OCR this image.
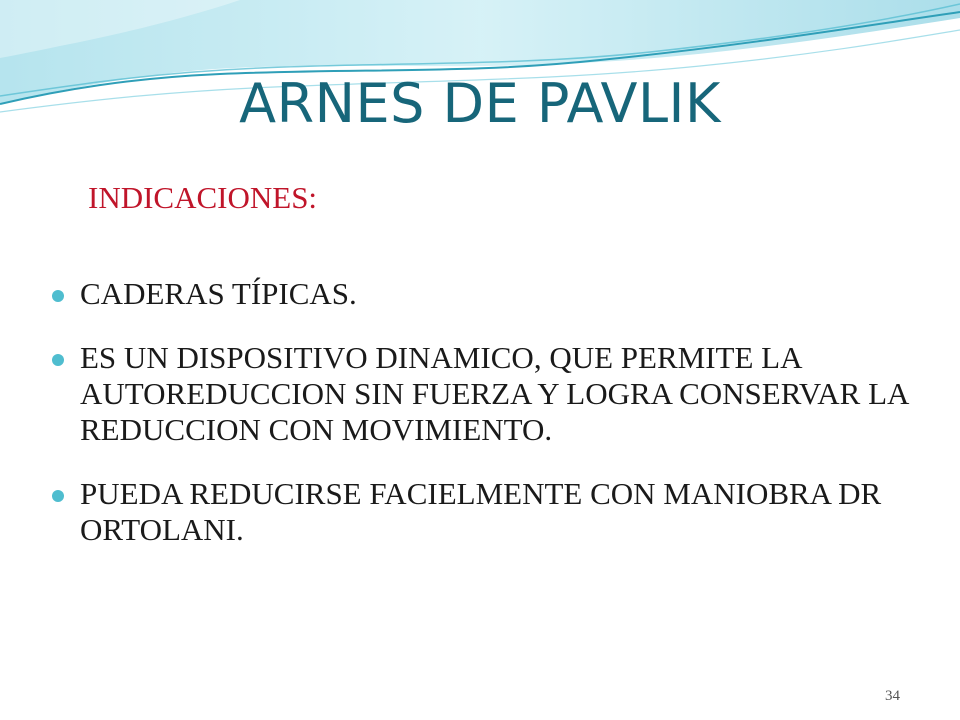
ARNES DE PAVLIK

INDICACIONES:

CADERAS TÍPICAS.
ES UN DISPOSITIVO DINAMICO, QUE PERMITE LA AUTOREDUCCION SIN FUERZA Y LOGRA CONSERVAR LA REDUCCION CON MOVIMIENTO.
PUEDA REDUCIRSE FACIELMENTE CON MANIOBRA DR ORTOLANI.
34
